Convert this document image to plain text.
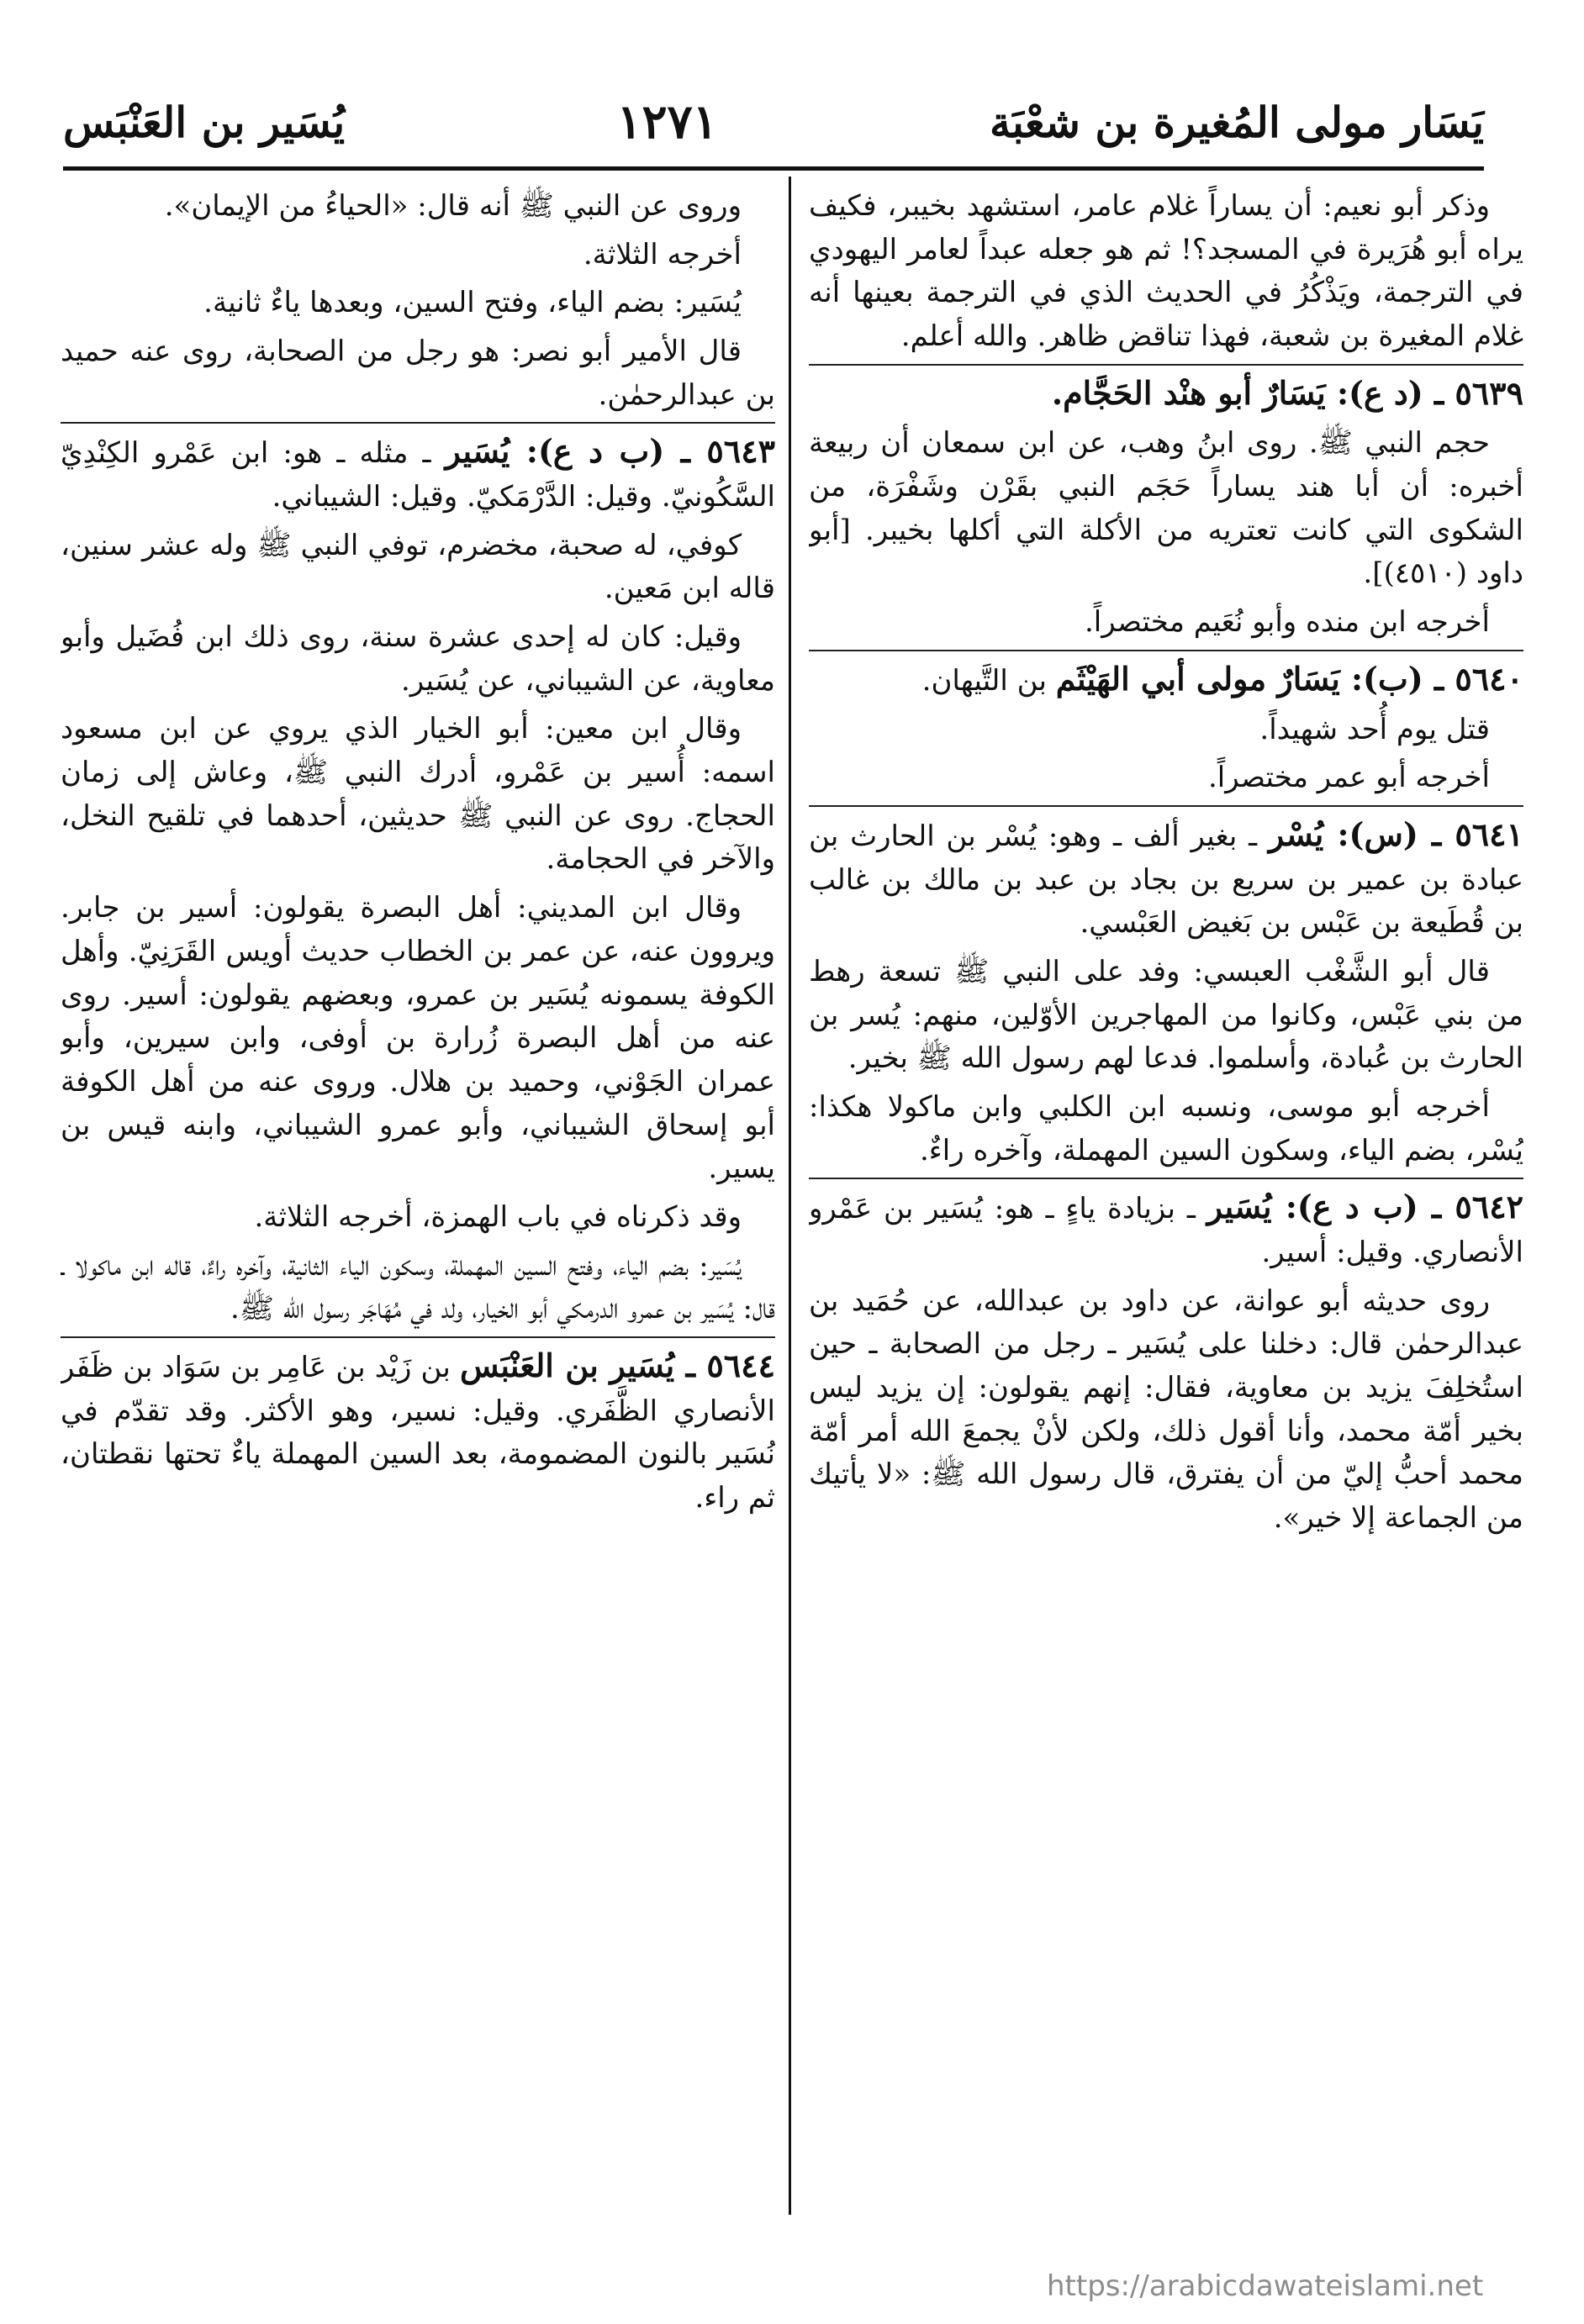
يَسَار مولى المُغيرة بن شعْبَة
١٢٧١
يُسَير بن العَنْبَس

وذكر أبو نعيم: أن يساراً غلام عامر، استشهد بخيبر، فكيف يراه أبو هُرَيرة في المسجد؟! ثم هو جعله عبداً لعامر اليهودي في الترجمة، ويَذْكُرُ في الحديث الذي في الترجمة بعينها أنه غلام المغيرة بن شعبة، فهذا تناقض ظاهر. والله أعلم.

٥٦٣٩ ـ (د ع): يَسَارٌ أبو هنْد الحَجَّام.

حجم النبي ﷺ. روى ابنُ وهب، عن ابن سمعان أن ربيعة أخبره: أن أبا هند يساراً حَجَم النبي بقَرْن وشَفْرَة، من الشكوى التي كانت تعتريه من الأكلة التي أكلها بخيبر. [أبو داود (٤٥١٠)].

أخرجه ابن منده وأبو نُعَيم مختصراً.

٥٦٤٠ ـ (ب): يَسَارٌ مولى أبي الهَيْثَم بن التَّيهان.

قتل يوم أُحد شهيداً.

أخرجه أبو عمر مختصراً.

٥٦٤١ ـ (س): يُسْر ـ بغير ألف ـ وهو: يُسْر بن الحارث بن عبادة بن عمير بن سريع بن بجاد بن عبد بن مالك بن غالب بن قُطَيعة بن عَبْس بن بَغيض العَبْسي.

قال أبو الشَّغْب العبسي: وفد على النبي ﷺ تسعة رهط من بني عَبْس، وكانوا من المهاجرين الأوّلين، منهم: يُسر بن الحارث بن عُبادة، وأسلموا. فدعا لهم رسول الله ﷺ بخير.

أخرجه أبو موسى، ونسبه ابن الكلبي وابن ماكولا هكذا: يُسْر، بضم الياء، وسكون السين المهملة، وآخره راءٌ.

٥٦٤٢ ـ (ب د ع): يُسَير ـ بزيادة ياءٍ ـ هو: يُسَير بن عَمْرو الأنصاري. وقيل: أسير.

روى حديثه أبو عوانة، عن داود بن عبدالله، عن حُمَيد بن عبدالرحمٰن قال: دخلنا على يُسَير ـ رجل من الصحابة ـ حين استُخلِفَ يزيد بن معاوية، فقال: إنهم يقولون: إن يزيد ليس بخير أمّة محمد، وأنا أقول ذلك، ولكن لأنْ يجمعَ الله أمر أمّة محمد أحبُّ إليّ من أن يفترق، قال رسول الله ﷺ: «لا يأتيك من الجماعة إلا خير».

وروى عن النبي ﷺ أنه قال: «الحياءُ من الإيمان».

أخرجه الثلاثة.

يُسَير: بضم الياء، وفتح السين، وبعدها ياءٌ ثانية.

قال الأمير أبو نصر: هو رجل من الصحابة، روى عنه حميد بن عبدالرحمٰن.

٥٦٤٣ ـ (ب د ع): يُسَير ـ مثله ـ هو: ابن عَمْرو الكِنْدِيّ السَّكُونيّ. وقيل: الدَّرْمَكيّ. وقيل: الشيباني.

كوفي، له صحبة، مخضرم، توفي النبي ﷺ وله عشر سنين، قاله ابن مَعين.

وقيل: كان له إحدى عشرة سنة، روى ذلك ابن فُضَيل وأبو معاوية، عن الشيباني، عن يُسَير.

وقال ابن معين: أبو الخيار الذي يروي عن ابن مسعود اسمه: أُسير بن عَمْرو، أدرك النبي ﷺ، وعاش إلى زمان الحجاج. روى عن النبي ﷺ حديثين، أحدهما في تلقيح النخل، والآخر في الحجامة.

وقال ابن المديني: أهل البصرة يقولون: أسير بن جابر. ويروون عنه، عن عمر بن الخطاب حديث أويس القَرَنِيّ. وأهل الكوفة يسمونه يُسَير بن عمرو، وبعضهم يقولون: أسير. روى عنه من أهل البصرة زُرارة بن أوفى، وابن سيرين، وأبو عمران الجَوْني، وحميد بن هلال. وروى عنه من أهل الكوفة أبو إسحاق الشيباني، وأبو عمرو الشيباني، وابنه قيس بن يسير.

وقد ذكرناه في باب الهمزة، أخرجه الثلاثة.

يُسَير: بضم الياء، وفتح السين المهملة، وسكون الياء الثانية، وآخره راءٌ، قاله ابن ماكولا ـ قال: يُسَير بن عمرو الدرمكي أبو الخيار، ولد في مُهَاجَر رسول الله ﷺ.

٥٦٤٤ ـ يُسَير بن العَنْبَس بن زَيْد بن عَامِر بن سَوَاد بن ظَفَر الأنصاري الظَّفَري. وقيل: نسير، وهو الأكثر. وقد تقدّم في نُسَير بالنون المضمومة، بعد السين المهملة ياءٌ تحتها نقطتان، ثم راء.

https://arabicdawateislami.net
